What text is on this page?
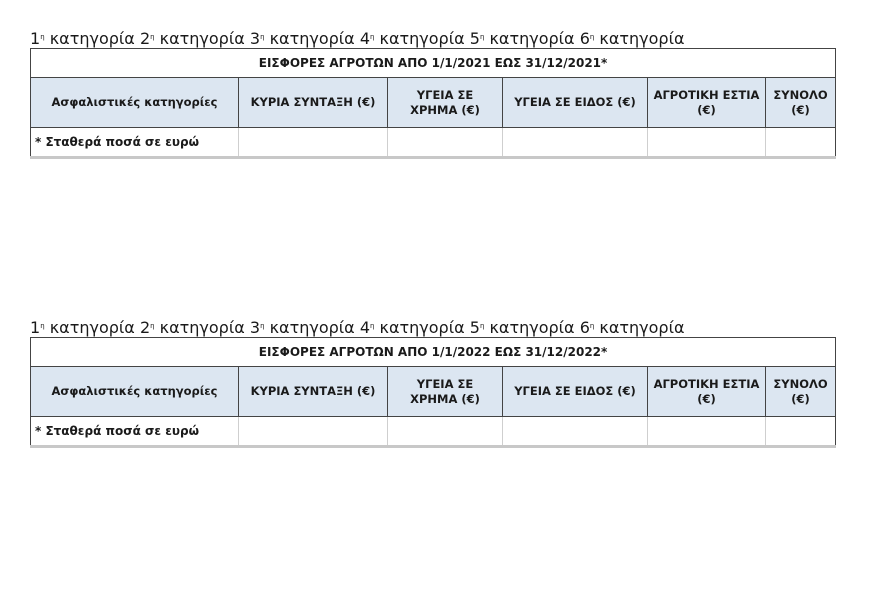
$1^\eta$ κατηγορία $2^\eta$ κατηγορία $3^\eta$ κατηγορία $4^\eta$ κατηγορία $5^\eta$ κατηγορία $6^\eta$ κατηγορία
ΕΙΣΦΟΡΕΣ ΑΓΡΟΤΩΝ ΑΠΟ 1/1/2021 ΕΩΣ 31/12/2021*					
Ασφαλιστικές κατηγορίες	ΚΥΡΙΑ ΣΥΝΤΑΞΗ (€)	ΥΓΕΙΑ ΣΕ ΧΡΗΜΑ (€)	ΥΓΕΙΑ ΣΕ ΕΙΔΟΣ (€)	ΑΓΡΟΤΙΚΗ ΕΣΤΙΑ (€)	ΣΥΝΟΛΟ (€)
* Σταθερά ποσά σε ευρώ					
$1^\eta$ κατηγορία $2^\eta$ κατηγορία $3^\eta$ κατηγορία $4^\eta$ κατηγορία $5^\eta$ κατηγορία $6^\eta$ κατηγορία
ΕΙΣΦΟΡΕΣ ΑΓΡΟΤΩΝ ΑΠΟ 1/1/2022 ΕΩΣ 31/12/2022*					
Ασφαλιστικές κατηγορίες	ΚΥΡΙΑ ΣΥΝΤΑΞΗ (€)	ΥΓΕΙΑ ΣΕ ΧΡΗΜΑ (€)	ΥΓΕΙΑ ΣΕ ΕΙΔΟΣ (€)	ΑΓΡΟΤΙΚΗ ΕΣΤΙΑ (€)	ΣΥΝΟΛΟ (€)
* Σταθερά ποσά σε ευρώ					
